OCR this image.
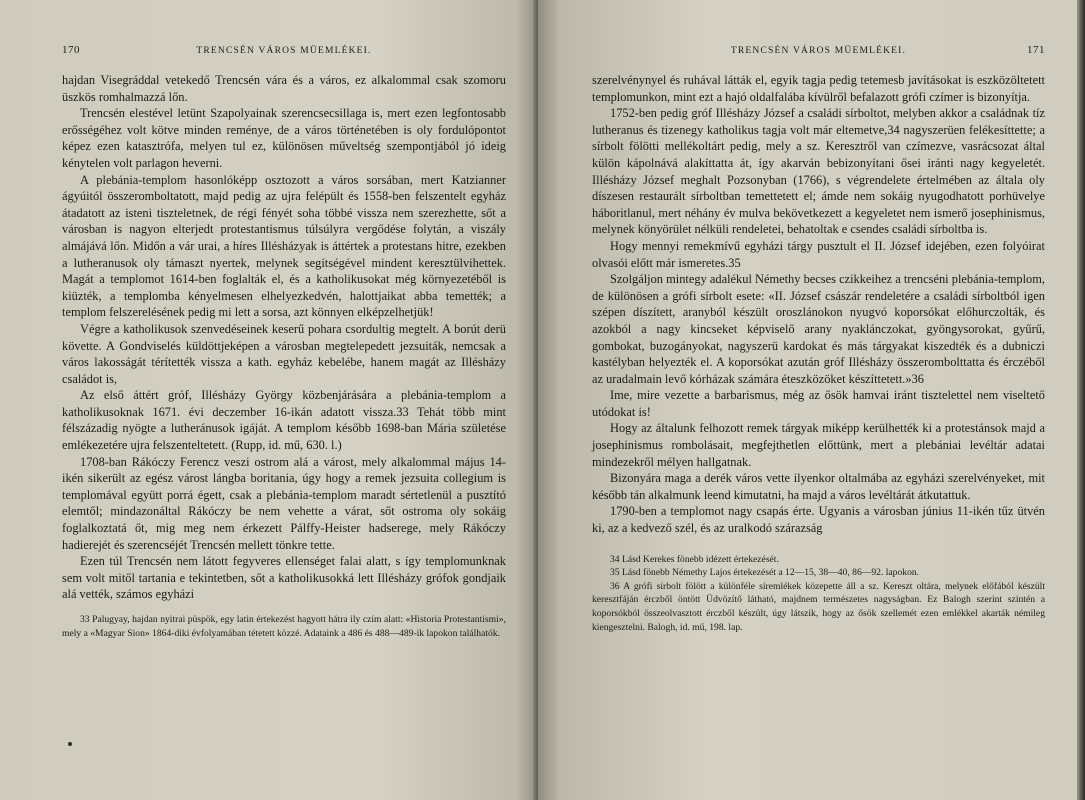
170	TRENCSÉN VÁROS MÜEMLÉKEI.

hajdan Visegráddal vetekedő Trencsén vára és a város, ez alkalommal csak szomoru üszkös romhalmazzá lőn.

Trencsén elestével letünt Szapolyainak szerencsecsillaga is, mert ezen legfontosabb erősségéhez volt kötve minden reménye, de a város történetében is oly fordulópontot képez ezen katasztrófa, melyen tul ez, különösen műveltség szempontjából jó ideig kénytelen volt parlagon heverni.

A plebánia-templom hasonlóképp osztozott a város sorsában, mert Katzianner ágyúitól összeromboltatott, majd pedig az ujra felépült és 1558-ben felszentelt egyház átadatott az isteni tiszteletnek, de régi fényét soha többé vissza nem szerezhette, sőt a városban is nagyon elterjedt protestantismus túlsúlyra vergődése folytán, a viszály almájává lőn. Midőn a vár urai, a híres Illésházyak is áttértek a protestans hitre, ezekben a lutheranusok oly támaszt nyertek, melynek segítségével mindent keresztülvihettek. Magát a templomot 1614-ben foglalták el, és a katholikusokat még környezetéből is kiüzték, a templomba kényelmesen elhelyezkedvén, halottjaikat abba temették; a templom felszerelésének pedig mi lett a sorsa, azt könnyen elképzelhetjük!

Végre a katholikusok szenvedéseinek keserű pohara csordultig megtelt. A borút derü követte. A Gondviselés küldöttjeképen a városban megtelepedett jezsuiták, nemcsak a város lakosságát térítették vissza a kath. egyház kebelébe, hanem magát az Illésházy családot is,

Az első áttért gróf, Illésházy György közbenjárására a plebánia-templom a katholikusoknak 1671. évi deczember 16-ikán adatott vissza.33 Tehát több mint félszázadig nyögte a lutheránusok igáját. A templom később 1698-ban Mária születése emlékezetére ujra felszenteltetett. (Rupp, id. mű, 630. l.)

1708-ban Rákóczy Ferencz veszi ostrom alá a várost, mely alkalommal május 14-ikén sikerült az egész várost lángba boritania, úgy hogy a remek jezsuita collegium is templomával együtt porrá égett, csak a plebánia-templom maradt sértetlenül a pusztító elemtől; mindazonáltal Rákóczy be nem vehette a várat, sőt ostroma oly sokáig foglalkoztatá őt, mig meg nem érkezett Pálffy-Heister hadserege, mely Rákóczy hadierejét és szerencséjét Trencsén mellett tönkre tette.

Ezen túl Trencsén nem látott fegyveres ellenséget falai alatt, s így templomunknak sem volt mitől tartania e tekintetben, sőt a katholikusokká lett Illésházy grófok gondjaik alá vették, számos egyházi

33 Palugyay, hajdan nyitrai püspök, egy latin értekezést hagyott hátra ily czím alatt: «Historia Protestantismi», mely a «Magyar Sion» 1864-diki évfolyamában tétetett közzé. Adataink a 486 és 488—489-ik lapokon találhatók.

TRENCSÉN VÁROS MÜEMLÉKEI.	171

szerelvénynyel és ruhával látták el, egyik tagja pedig tetemesb javításokat is eszközöltetett templomunkon, mint ezt a hajó oldalfalába kívülről befalazott grófi czímer is bizonyítja.

1752-ben pedig gróf Illésházy József a családi sírboltot, melyben akkor a családnak tíz lutheranus és tizenegy katholikus tagja volt már eltemetve,34 nagyszerüen felékesíttette; a sírbolt fölötti mellékoltárt pedig, mely a sz. Keresztről van czímezve, vasrácsozat által külön kápolnává alakíttatta át, így akarván bebizonyítani ősei iránti nagy kegyeletét. Illésházy József meghalt Pozsonyban (1766), s végrendelete értelmében az általa oly díszesen restaurált sírboltban temettetett el; ámde nem sokáig nyugodhatott porhüvelye háboritlanul, mert néhány év mulva bekövetkezett a kegyeletet nem ismerő josephinismus, melynek könyörület nélküli rendeletei, behatoltak e csendes családi sírboltba is.

Hogy mennyi remekmívű egyházi tárgy pusztult el II. József idejében, ezen folyóirat olvasói előtt már ismeretes.35

Szolgáljon mintegy adalékul Némethy becses czikkeihez a trencséni plebánia-templom, de különösen a grófi sírbolt esete: «II. József császár rendeletére a családi sírboltból igen szépen díszített, aranyból készült oroszlánokon nyugvó koporsókat előhurczolták, és azokból a nagy kincseket képviselő arany nyaklánczokat, gyöngysorokat, gyűrű, gombokat, buzogányokat, nagyszerü kardokat és más tárgyakat kiszedték és a dubniczi kastélyban helyezték el. A koporsókat azután gróf Illésházy összerombolttatta és érczéből az uradalmain levő kórházak számára éteszközöket készíttetett.»36

Ime, mire vezette a barbarismus, még az ősök hamvai iránt tisztelettel nem viseltető utódokat is!

Hogy az általunk felhozott remek tárgyak miképp kerülhették ki a protestánsok majd a josephinismus rombolásait, megfejthetlen előttünk, mert a plebániai levéltár adatai mindezekről mélyen hallgatnak.

Bizonyára maga a derék város vette ilyenkor oltalmába az egyházi szerelvényeket, mit később tán alkalmunk leend kimutatni, ha majd a város levéltárát átkutattuk.

1790-ben a templomot nagy csapás érte. Ugyanis a városban június 11-ikén tűz ütvén ki, az a kedvező szél, és az uralkodó szárazság

34 Lásd Kerekes fönebb idézett értekezését.

35 Lásd fönebb Némethy Lajos értekezését a 12—15, 38—40, 86—92. lapokon.

36 A grófi sírbolt fölött a különféle síremlékek közepette áll a sz. Kereszt oltára, melynek előfából készült keresztfáján érczből öntött Üdvözítő látható, majdnem természetes nagyságban. Ez Balogh szerint szintén a koporsókból összeolvasztott érczből készült, úgy látszik, hogy az ősök szellemét ezen emlékkel akarták némileg kiengesztelni. Balogh, id. mű, 198. lap.
